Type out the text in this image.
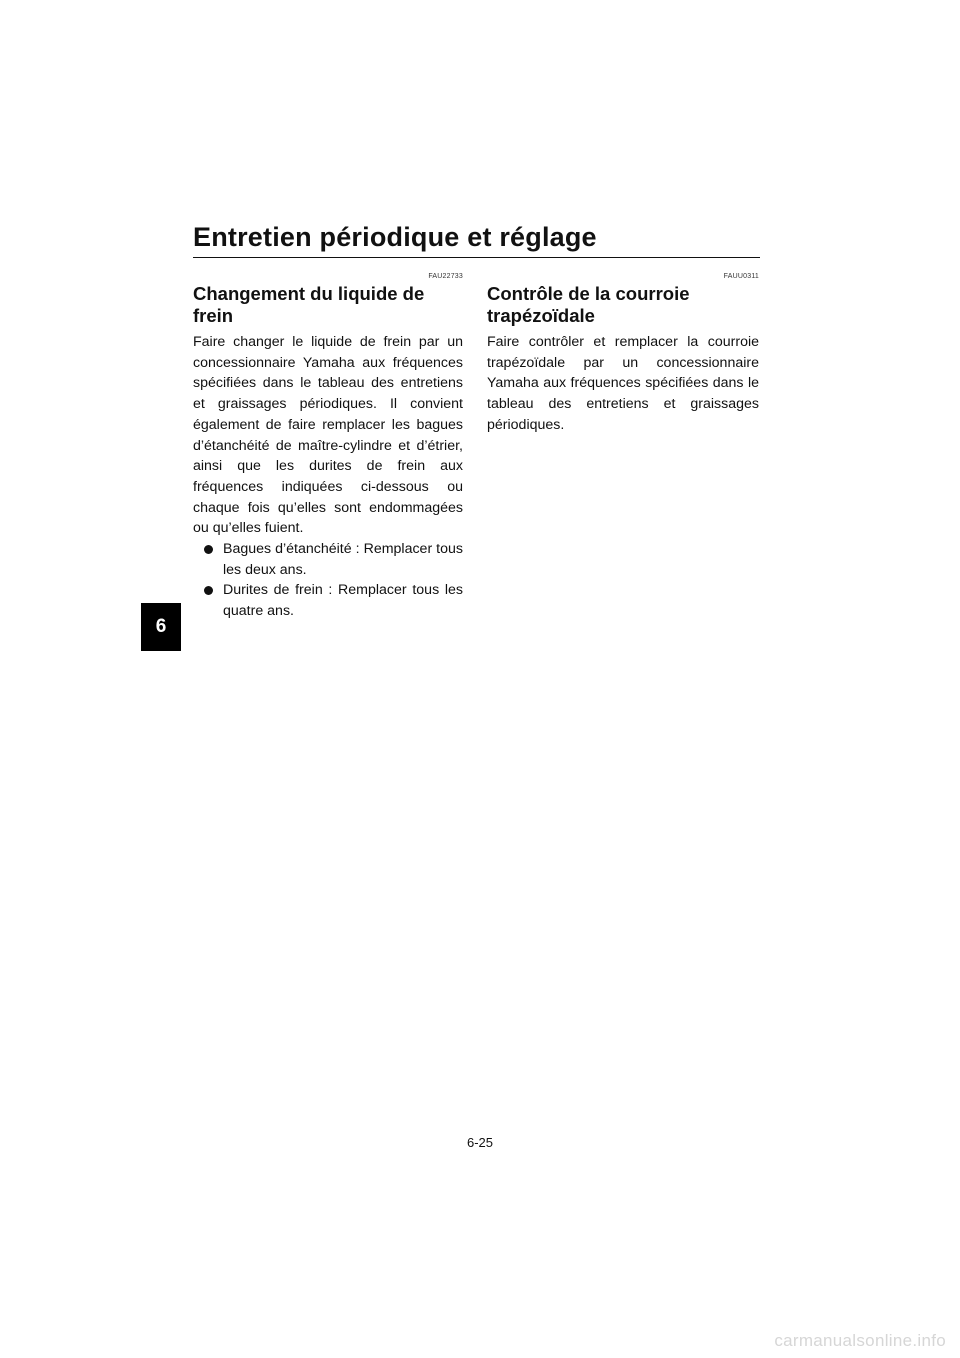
Entretien périodique et réglage
6
FAU22733
Changement du liquide de frein

Faire changer le liquide de frein par un concessionnaire Yamaha aux fréquences spécifiées dans le tableau des entretiens et graissages périodiques. Il convient également de faire remplacer les bagues d’étanchéité de maître-cylindre et d’étrier, ainsi que les durites de frein aux fréquences indiquées ci-dessous ou chaque fois qu’elles sont endommagées ou qu’elles fuient.

Bagues d’étanchéité : Remplacer tous les deux ans.
Durites de frein : Remplacer tous les quatre ans.
FAUU0311
Contrôle de la courroie trapézoïdale

Faire contrôler et remplacer la courroie trapézoïdale par un concessionnaire Yamaha aux fréquences spécifiées dans le tableau des entretiens et graissages périodiques.

6-25
carmanualsonline.info
